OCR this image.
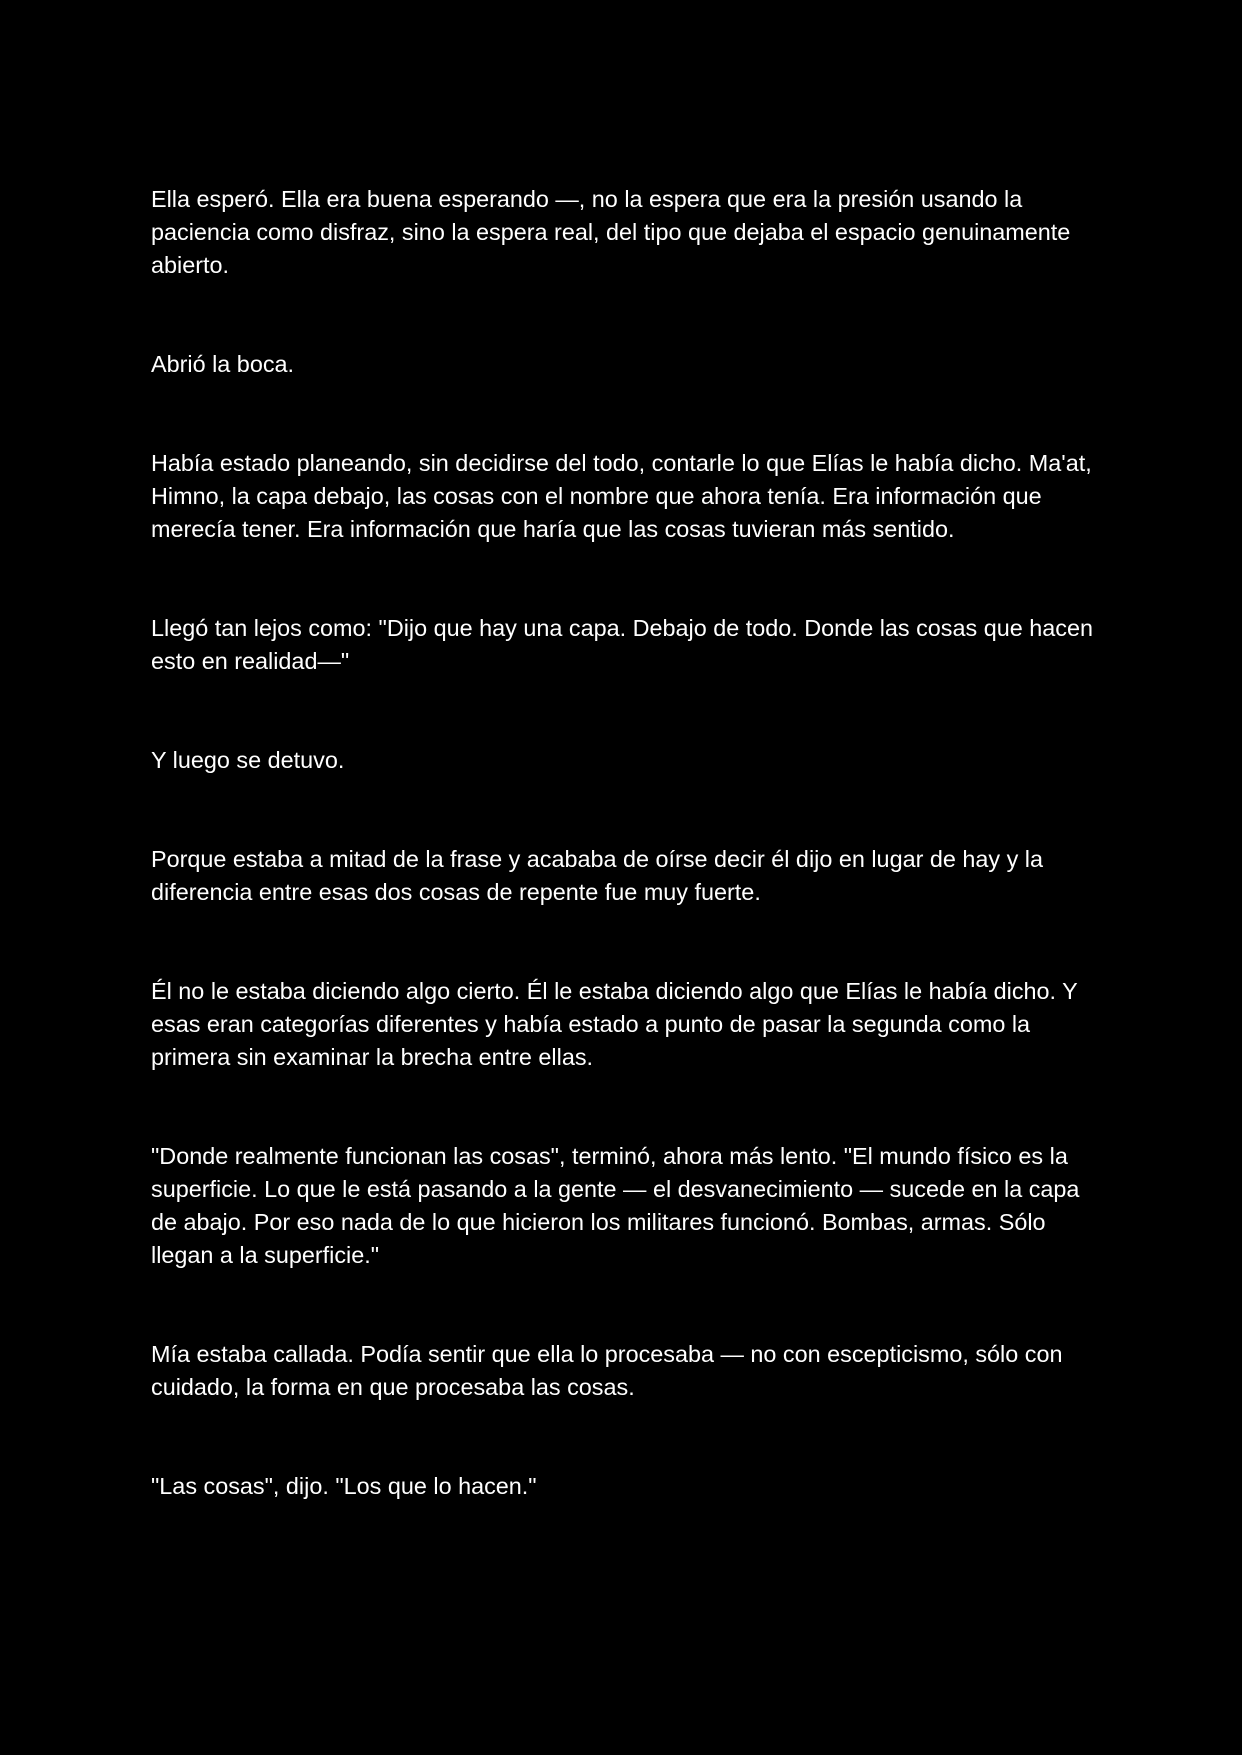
Ella esperó. Ella era buena esperando —, no la espera que era la presión usando la paciencia como disfraz, sino la espera real, del tipo que dejaba el espacio genuinamente abierto.

Abrió la boca.

Había estado planeando, sin decidirse del todo, contarle lo que Elías le había dicho. Ma'at, Himno, la capa debajo, las cosas con el nombre que ahora tenía. Era información que merecía tener. Era información que haría que las cosas tuvieran más sentido.

Llegó tan lejos como: "Dijo que hay una capa. Debajo de todo. Donde las cosas que hacen esto en realidad—"

Y luego se detuvo.

Porque estaba a mitad de la frase y acababa de oírse decir él dijo en lugar de hay y la diferencia entre esas dos cosas de repente fue muy fuerte.

Él no le estaba diciendo algo cierto. Él le estaba diciendo algo que Elías le había dicho. Y esas eran categorías diferentes y había estado a punto de pasar la segunda como la primera sin examinar la brecha entre ellas.

"Donde realmente funcionan las cosas", terminó, ahora más lento. "El mundo físico es la superficie. Lo que le está pasando a la gente — el desvanecimiento — sucede en la capa de abajo. Por eso nada de lo que hicieron los militares funcionó. Bombas, armas. Sólo llegan a la superficie."

Mía estaba callada. Podía sentir que ella lo procesaba — no con escepticismo, sólo con cuidado, la forma en que procesaba las cosas.

"Las cosas", dijo. "Los que lo hacen."
